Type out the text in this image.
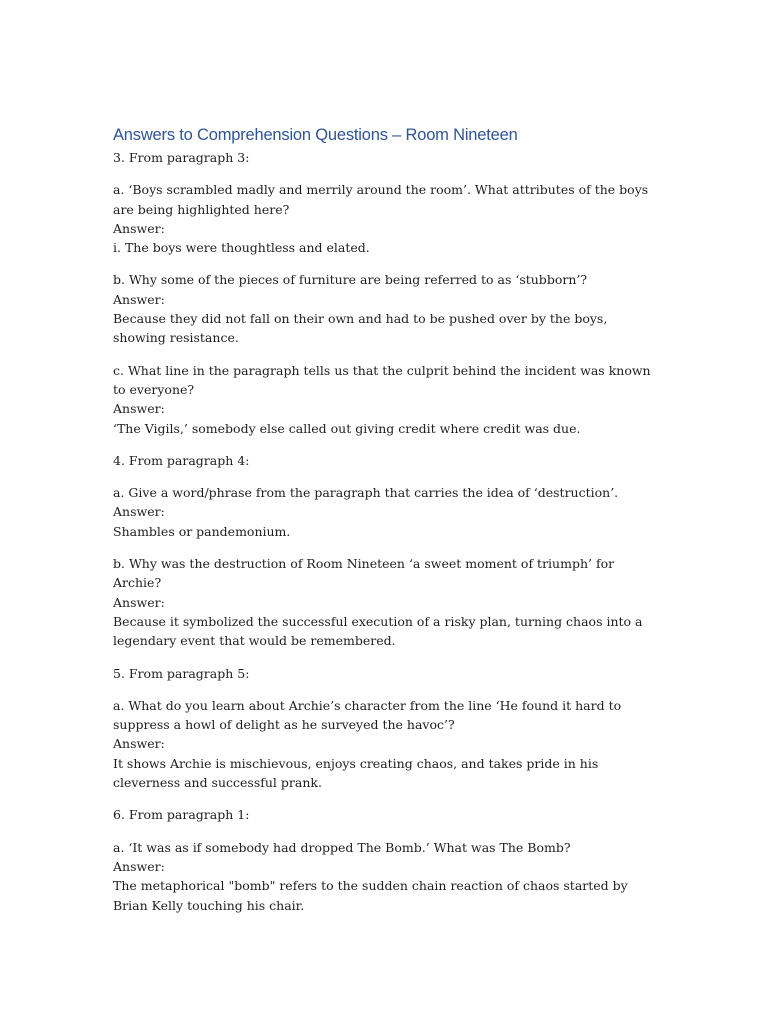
Answers to Comprehension Questions – Room Nineteen
3. From paragraph 3:
a. ‘Boys scrambled madly and merrily around the room’. What attributes of the boys are being highlighted here?
Answer:
i. The boys were thoughtless and elated.
b. Why some of the pieces of furniture are being referred to as ‘stubborn’?
Answer:
Because they did not fall on their own and had to be pushed over by the boys, showing resistance.
c. What line in the paragraph tells us that the culprit behind the incident was known to everyone?
Answer:
‘The Vigils,’ somebody else called out giving credit where credit was due.
4. From paragraph 4:
a. Give a word/phrase from the paragraph that carries the idea of ‘destruction’.
Answer:
Shambles or pandemonium.
b. Why was the destruction of Room Nineteen ‘a sweet moment of triumph’ for Archie?
Answer:
Because it symbolized the successful execution of a risky plan, turning chaos into a legendary event that would be remembered.
5. From paragraph 5:
a. What do you learn about Archie’s character from the line ‘He found it hard to suppress a howl of delight as he surveyed the havoc’?
Answer:
It shows Archie is mischievous, enjoys creating chaos, and takes pride in his cleverness and successful prank.
6. From paragraph 1:
a. ‘It was as if somebody had dropped The Bomb.’ What was The Bomb?
Answer:
The metaphorical "bomb" refers to the sudden chain reaction of chaos started by Brian Kelly touching his chair.
